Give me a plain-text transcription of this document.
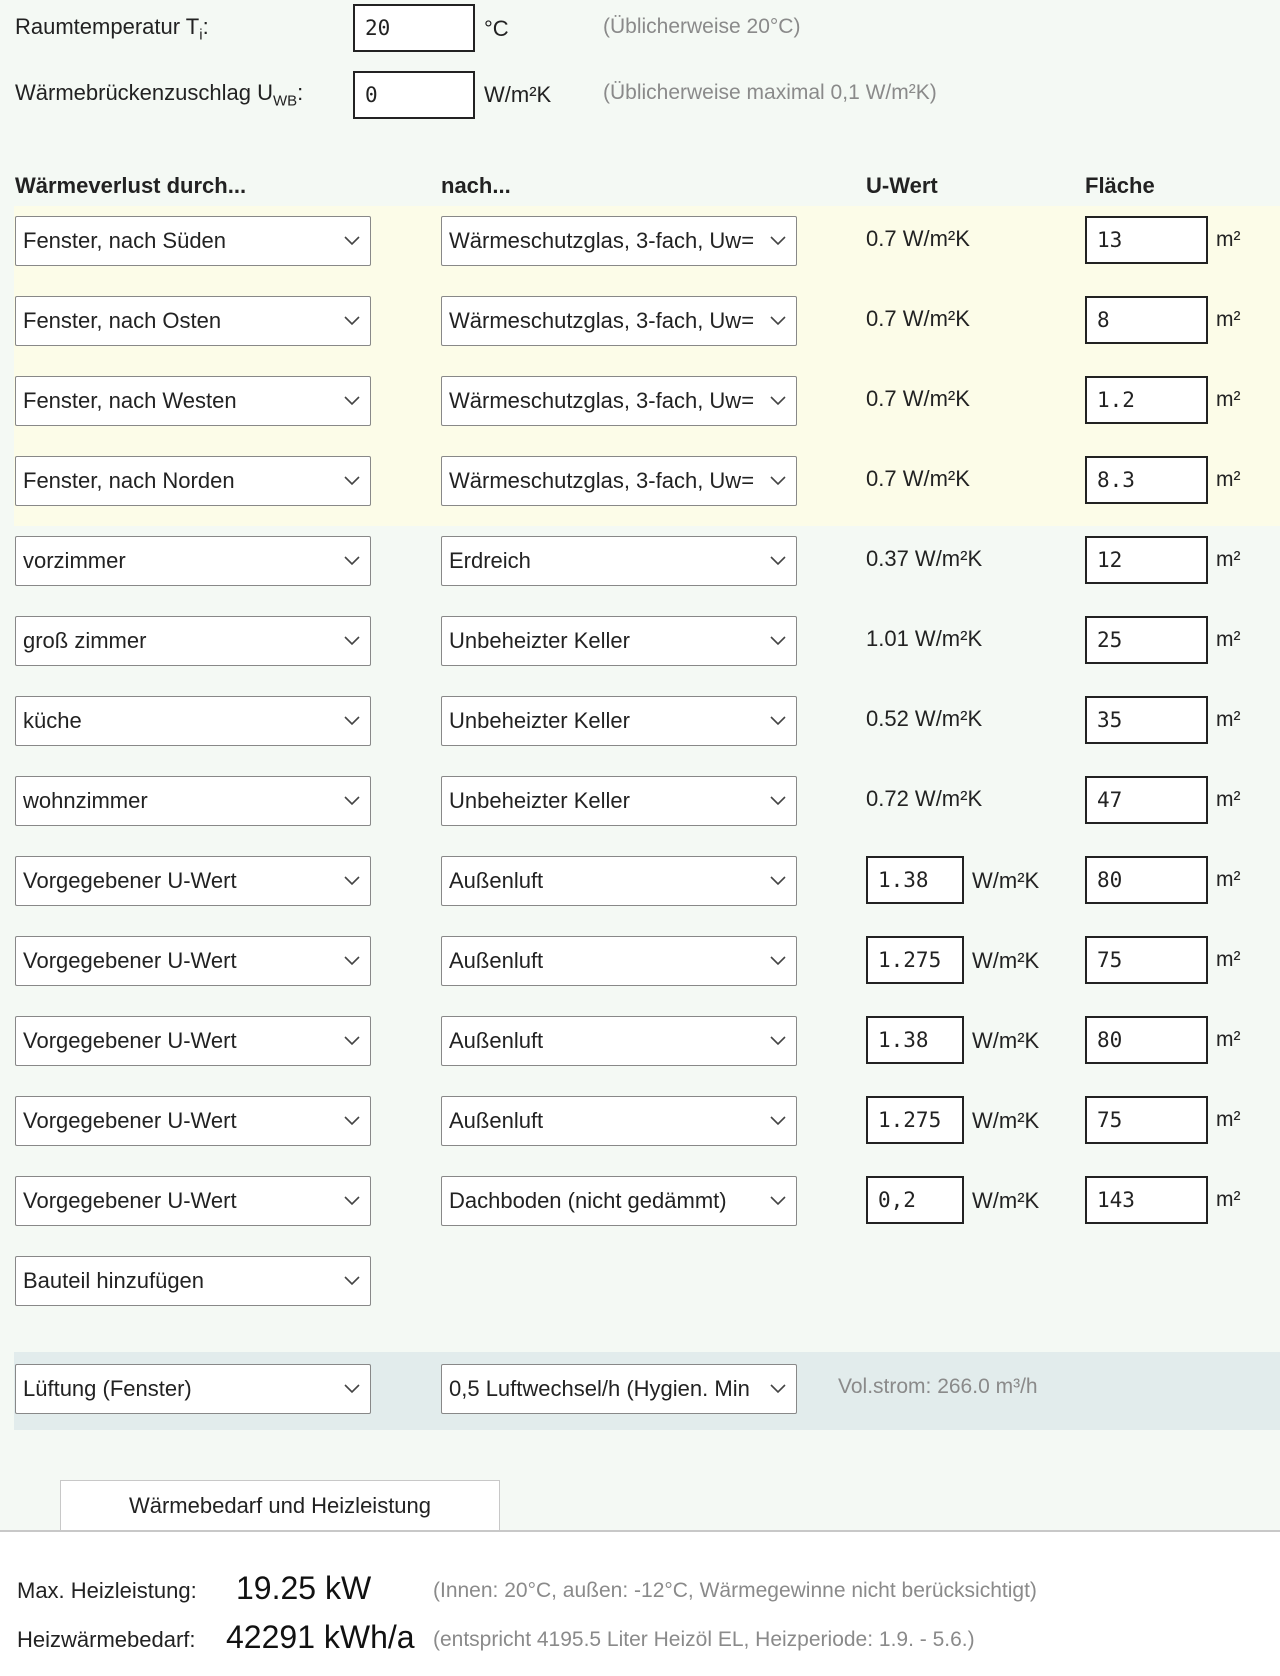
Raumtemperatur $T_i$:	20	°C	(Üblicherweise 20°C)
Wärmebrückenzuschlag $U_{WB}$:	0	W/m²K (Üblicherweise maximal 0,1 W/m²K)
Wärmeverlust durch...	nach...	U-Wert	Fläche
Fenster, nach Süden	Wärmeschutzglas, 3-fach, Uw=	0.7 W/m²K	13	m²
Fenster, nach Osten	Wärmeschutzglas, 3-fach, Uw=	0.7 W/m²K	8	m²
Fenster, nach Westen	Wärmeschutzglas, 3-fach, Uw=	0.7 W/m²K	1.2	m²
Fenster, nach Norden	Wärmeschutzglas, 3-fach, Uw=	0.7 W/m²K	8.3	m²
vorzimmer	Erdreich	0.37 W/m²K	12	m²
groß zimmer	Unbeheizter Keller	1.01 W/m²K	25	m²
küche	Unbeheizter Keller	0.52 W/m²K	35	m²
wohnzimmer	Unbeheizter Keller	0.72 W/m²K	47	m²
Vorgegebener U-Wert	Außenluft	1.38	W/m²K	80	m²
Vorgegebener U-Wert	Außenluft	1.275	W/m²K	75	m²
Vorgegebener U-Wert	Außenluft	1.38	W/m²K	80	m²
Vorgegebener U-Wert	Außenluft	1.275	W/m²K	75	m²
Vorgegebener U-Wert	Dachboden (nicht gedämmt)	0,2	W/m²K	143	m²
Bauteil hinzufügen
Lüftung (Fenster)	0,5 Luftwechsel/h (Hygien. Min	Vol.strom: 266.0 m³/h
Wärmebedarf und Heizleistung
Max. Heizleistung: 19.25 kW	(Innen: 20°C, außen: -12°C, Wärmegewinne nicht berücksichtigt)
Heizwärmebedarf: 42291 kWh/a (entspricht 4195.5 Liter Heizöl EL, Heizperiode: 1.9. - 5.6.)
